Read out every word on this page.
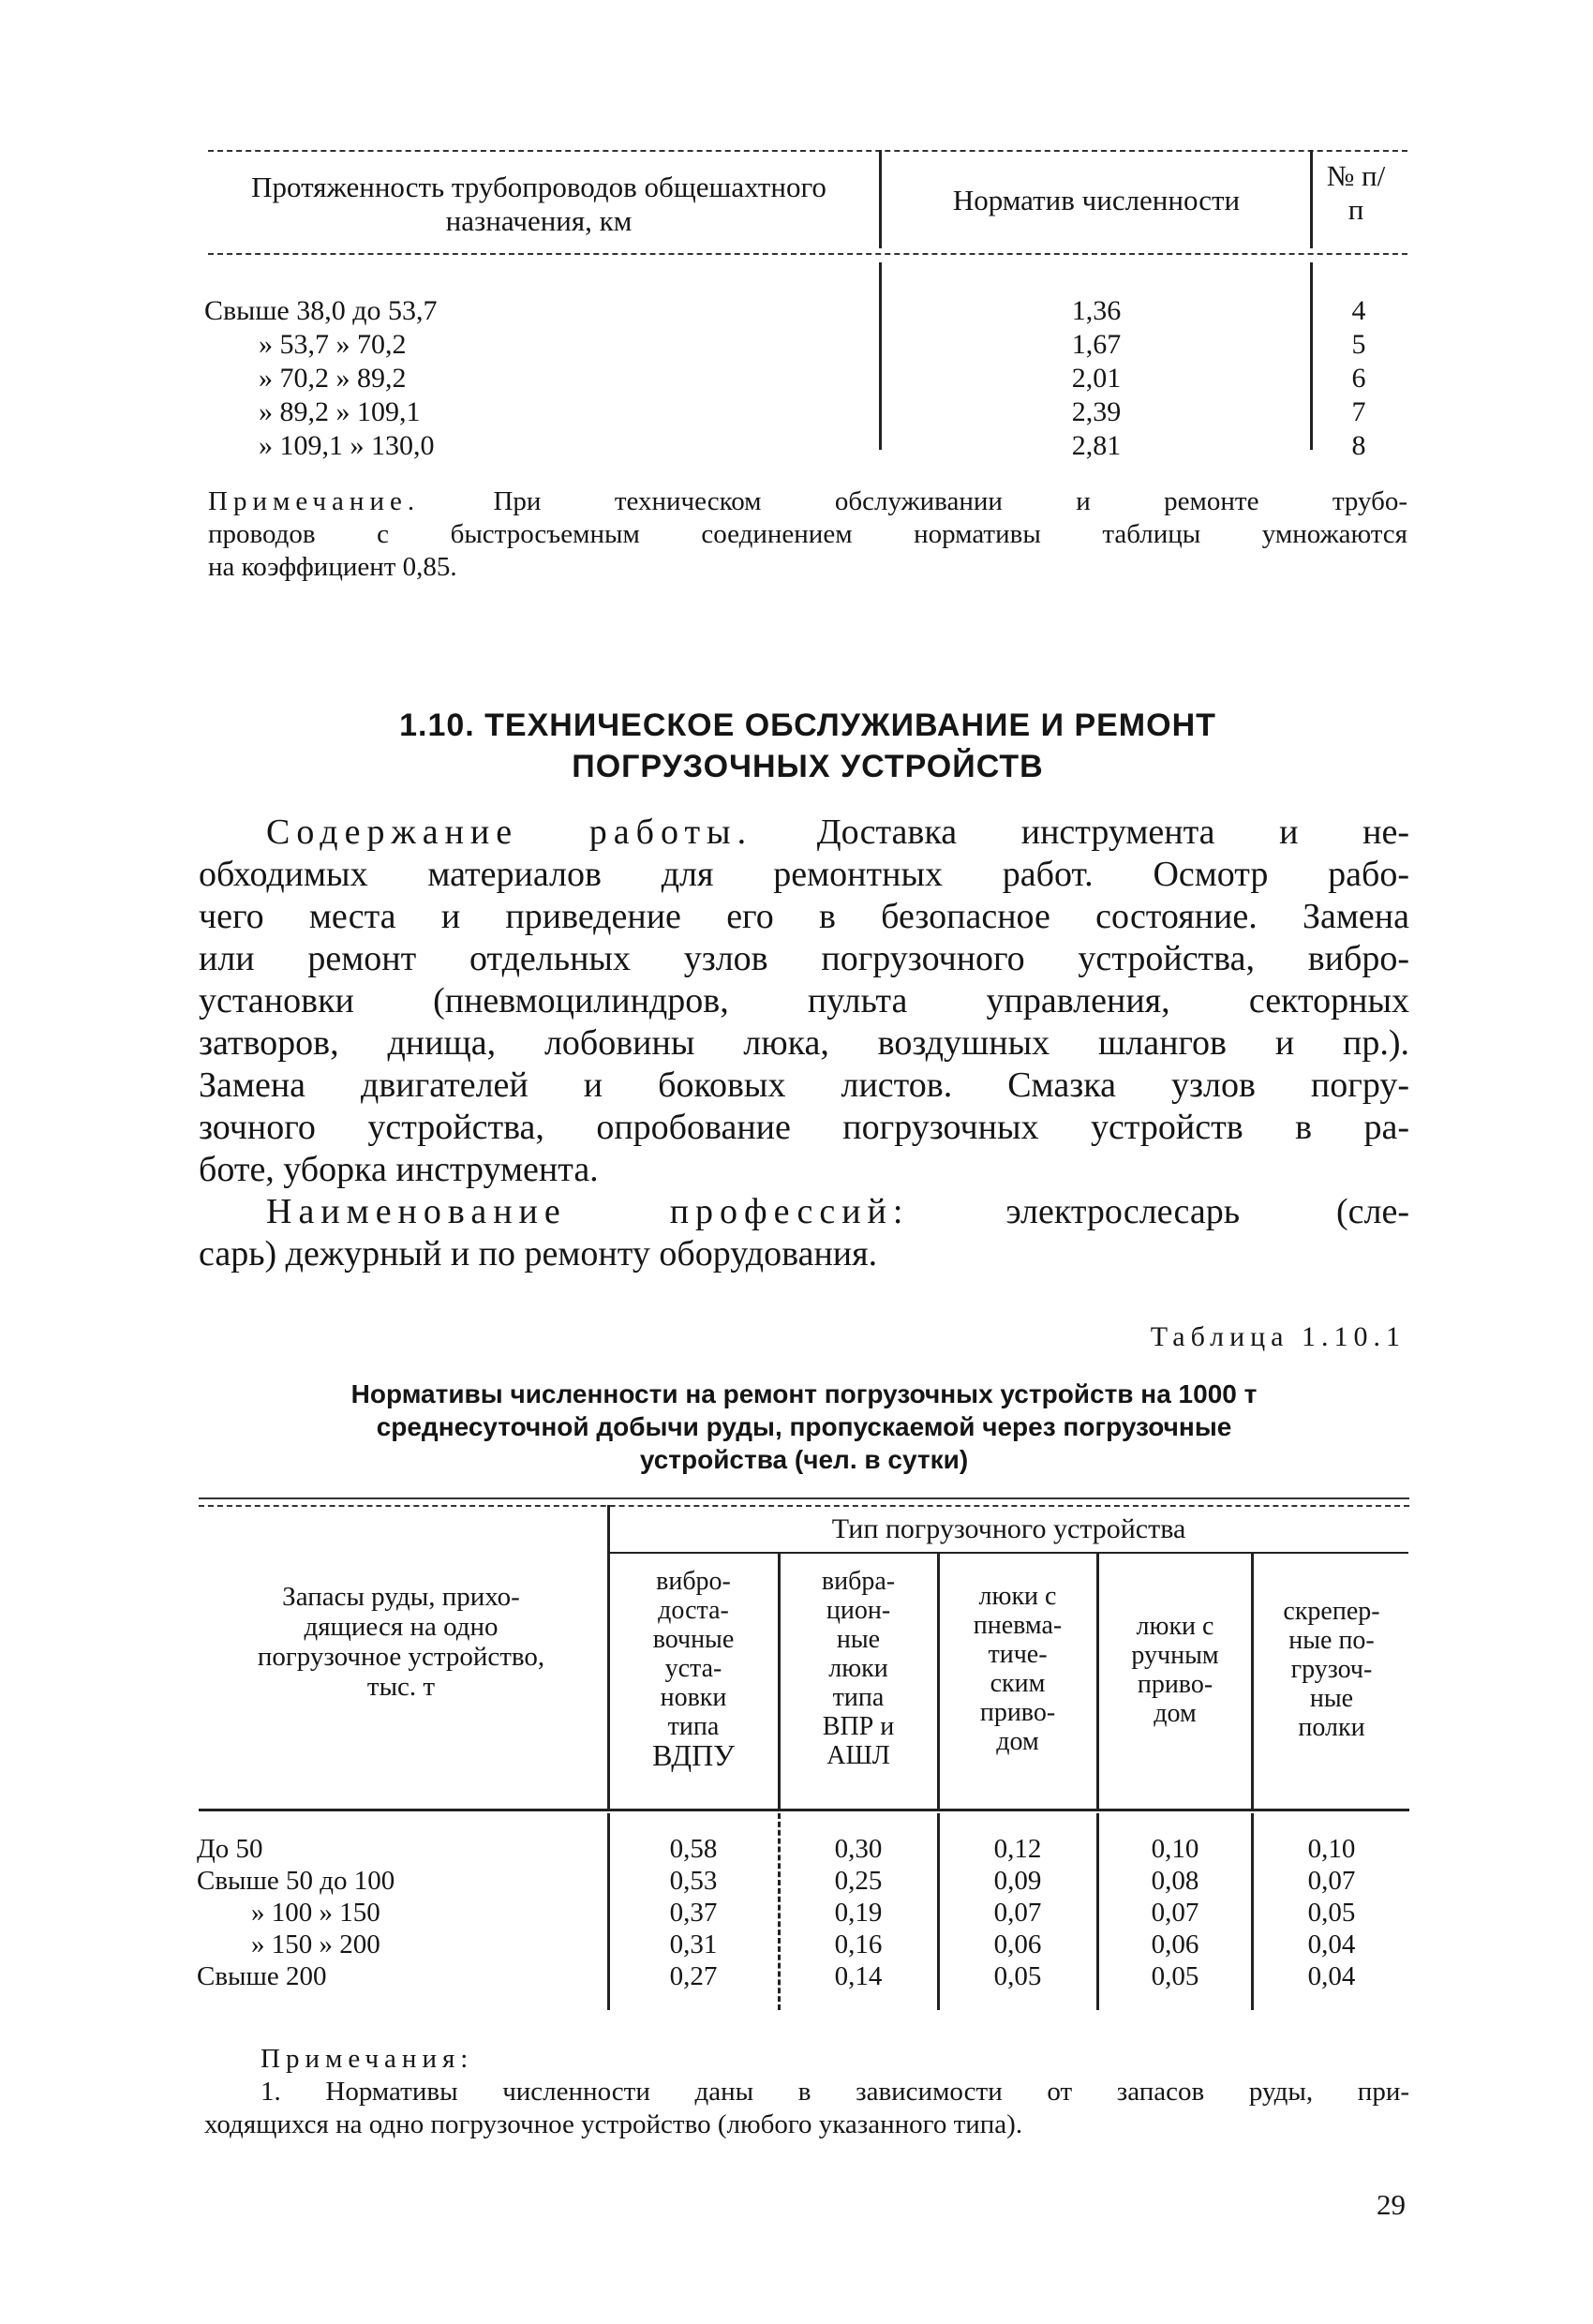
Протяженность трубопроводов общешахтного назначения, км
Норматив численности
№ п/п
Свыше 38,0 до 53,7
» 53,7 » 70,2
» 70,2 » 89,2
» 89,2 » 109,1
» 109,1 » 130,0
1,36
1,67
2,01
2,39
2,81
4
5
6
7
8
Примечание.	При техническом обслуживании и ремонте трубо-
проводов с быстросъемным соединением нормативы таблицы умножаются
на коэффициент 0,85.
1.10. ТЕХНИЧЕСКОЕ ОБСЛУЖИВАНИЕ И РЕМОНТ
ПОГРУЗОЧНЫХ УСТРОЙСТВ
Содержание работы. Доставка инструмента и не-
обходимых материалов для ремонтных работ. Осмотр рабо-
чего места и приведение его в безопасное состояние. Замена
или ремонт отдельных узлов погрузочного устройства, вибро-
установки (пневмоцилиндров, пульта управления, секторных
затворов, днища, лобовины люка, воздушных шлангов и пр.).
Замена двигателей и боковых листов. Смазка узлов погру-
зочного устройства, опробование погрузочных устройств в ра-
боте, уборка инструмента.
Наименование профессий:	электрослесарь (сле-
сарь) дежурный и по ремонту оборудования.
Таблица 1.10.1
Нормативы численности на ремонт погрузочных устройств на 1000 т
среднесуточной добычи руды, пропускаемой через погрузочные
устройства (чел. в сутки)
Тип погрузочного устройства
Запасы руды, прихо-
дящиеся на одно
погрузочное устройство,
тыс. т
вибро-
доста-
вочные
уста-
новки
типа
ВДПУ
вибра-
цион-
ные
люки
типа
ВПР и
АШЛ
люки с
пневма-
тиче-
ским
приво-
дом
люки с
ручным
приво-
дом
скрепер-
ные по-
грузоч-
ные
полки
До 50
Свыше 50 до 100
» 100 » 150
» 150 » 200
Свыше 200
0,58
0,53
0,37
0,31
0,27
0,30
0,25
0,19
0,16
0,14
0,12
0,09
0,07
0,06
0,05
0,10
0,08
0,07
0,06
0,05
0,10
0,07
0,05
0,04
0,04
Примечания:
1. Нормативы численности даны в зависимости от запасов руды, при-
ходящихся на одно погрузочное устройство (любого указанного типа).
29
